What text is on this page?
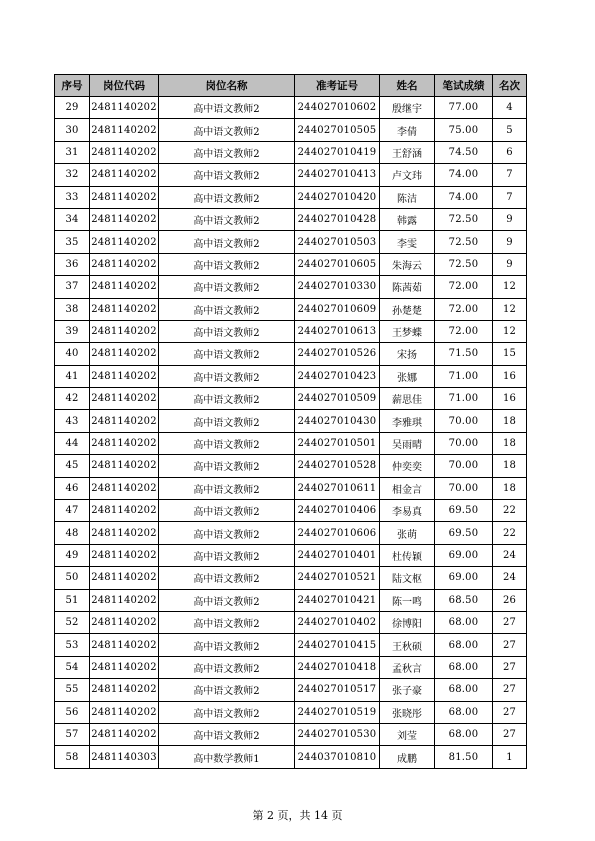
序号	岗位代码	岗位名称	准考证号	姓名	笔试成绩	名次
29	2481140202	高中语文教师2	244027010602	殷继宇	77.00	4
30	2481140202	高中语文教师2	244027010505	李倩	75.00	5
31	2481140202	高中语文教师2	244027010419	王舒涵	74.50	6
32	2481140202	高中语文教师2	244027010413	卢文玮	74.00	7
33	2481140202	高中语文教师2	244027010420	陈洁	74.00	7
34	2481140202	高中语文教师2	244027010428	韩露	72.50	9
35	2481140202	高中语文教师2	244027010503	李雯	72.50	9
36	2481140202	高中语文教师2	244027010605	朱海云	72.50	9
37	2481140202	高中语文教师2	244027010330	陈茜茹	72.00	12
38	2481140202	高中语文教师2	244027010609	孙楚楚	72.00	12
39	2481140202	高中语文教师2	244027010613	王梦蝶	72.00	12
40	2481140202	高中语文教师2	244027010526	宋扬	71.50	15
41	2481140202	高中语文教师2	244027010423	张娜	71.00	16
42	2481140202	高中语文教师2	244027010509	薪思佳	71.00	16
43	2481140202	高中语文教师2	244027010430	李雅琪	70.00	18
44	2481140202	高中语文教师2	244027010501	吴雨晴	70.00	18
45	2481140202	高中语文教师2	244027010528	仲奕奕	70.00	18
46	2481140202	高中语文教师2	244027010611	相金言	70.00	18
47	2481140202	高中语文教师2	244027010406	李易真	69.50	22
48	2481140202	高中语文教师2	244027010606	张萌	69.50	22
49	2481140202	高中语文教师2	244027010401	杜传颖	69.00	24
50	2481140202	高中语文教师2	244027010521	陆文枢	69.00	24
51	2481140202	高中语文教师2	244027010421	陈一鸣	68.50	26
52	2481140202	高中语文教师2	244027010402	徐博阳	68.00	27
53	2481140202	高中语文教师2	244027010415	王秋硕	68.00	27
54	2481140202	高中语文教师2	244027010418	孟秋言	68.00	27
55	2481140202	高中语文教师2	244027010517	张子豪	68.00	27
56	2481140202	高中语文教师2	244027010519	张晓彤	68.00	27
57	2481140202	高中语文教师2	244027010530	刘莹	68.00	27
58	2481140303	高中数学教师1	244037010810	成鹏	81.50	1
第 2 页，共 14 页
